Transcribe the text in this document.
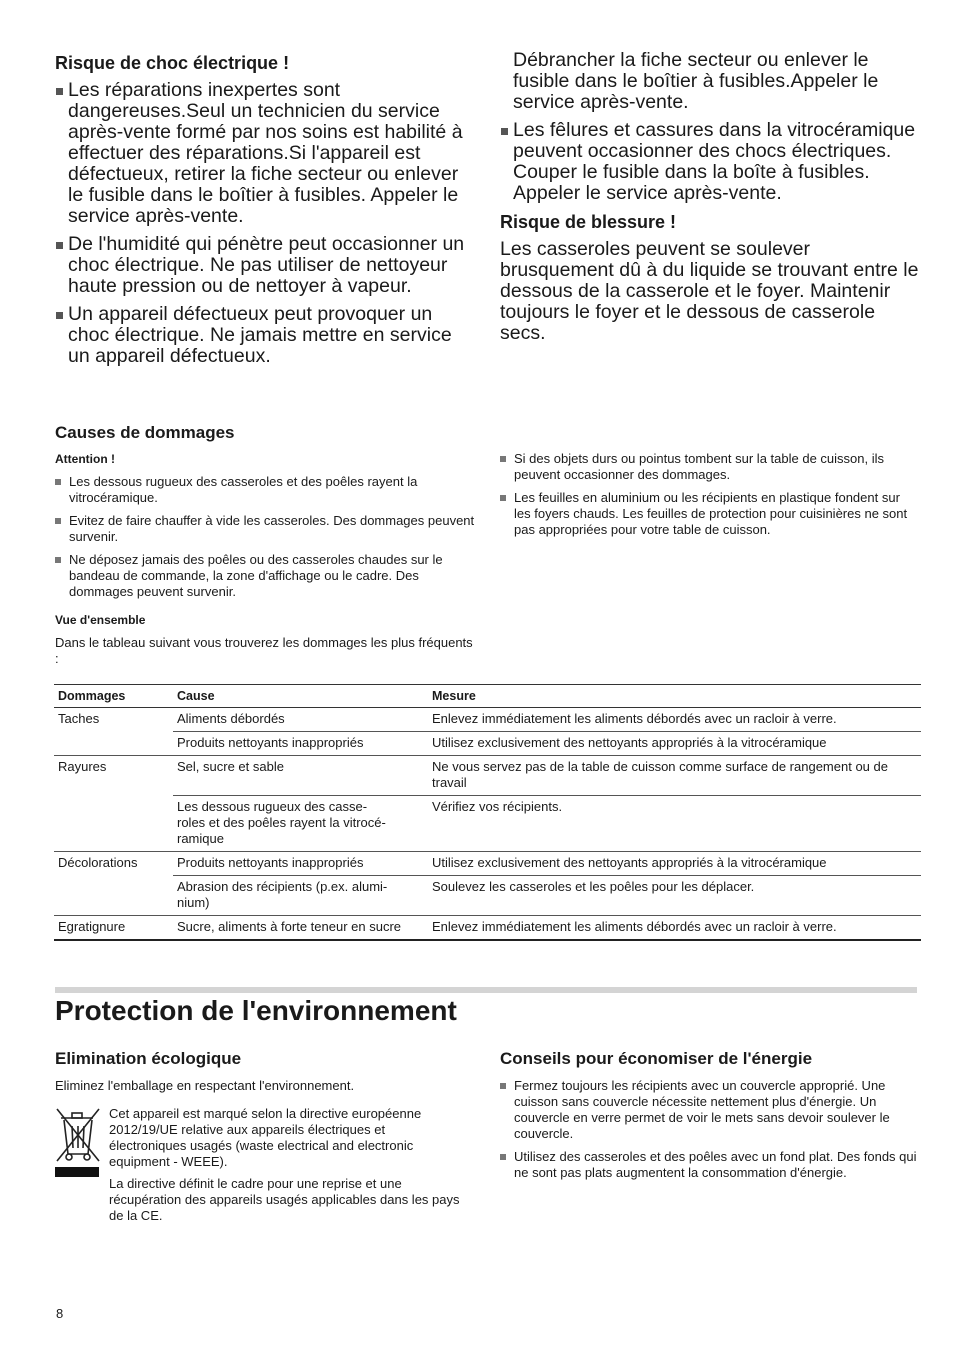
Risque de choc électrique !
Les réparations inexpertes sont dangereuses.Seul un technicien du service après-vente formé par nos soins est habilité à effectuer des réparations.Si l'appareil est défectueux, retirer la fiche secteur ou enlever le fusible dans le boîtier à fusibles. Appeler le service après-vente.
De l'humidité qui pénètre peut occasionner un choc électrique. Ne pas utiliser de nettoyeur haute pression ou de nettoyer à vapeur.
Un appareil défectueux peut provoquer un choc électrique. Ne jamais mettre en service un appareil défectueux.

Débrancher la fiche secteur ou enlever le fusible dans le boîtier à fusibles.Appeler le service après-vente.

Les fêlures et cassures dans la vitrocéramique peuvent occasionner des chocs électriques. Couper le fusible dans la boîte à fusibles. Appeler le service après-vente.
Risque de blessure !

Les casseroles peuvent se soulever brusquement dû à du liquide se trouvant entre le dessous de la casserole et le foyer. Maintenir toujours le foyer et le dessous de casserole secs.

Causes de dommages
Attention !
Les dessous rugueux des casseroles et des poêles rayent la vitrocéramique.
Evitez de faire chauffer à vide les casseroles. Des dommages peuvent survenir.
Ne déposez jamais des poêles ou des casseroles chaudes sur le bandeau de commande, la zone d'affichage ou le cadre. Des dommages peuvent survenir.
Si des objets durs ou pointus tombent sur la table de cuisson, ils peuvent occasionner des dommages.
Les feuilles en aluminium ou les récipients en plastique fondent sur les foyers chauds. Les feuilles de protection pour cuisinières ne sont pas appropriées pour votre table de cuisson.
Vue d'ensemble

Dans le tableau suivant vous trouverez les dommages les plus fréquents :

Dommages	Cause	Mesure
Taches	Aliments débordés	Enlevez immédiatement les aliments débordés avec un racloir à verre.
	Produits nettoyants inappropriés	Utilisez exclusivement des nettoyants appropriés à la vitrocéramique
Rayures	Sel, sucre et sable	Ne vous servez pas de la table de cuisson comme surface de rangement ou de travail
	Les dessous rugueux des casse-
roles et des poêles rayent la vitrocé-
ramique	Vérifiez vos récipients.
Décolorations	Produits nettoyants inappropriés	Utilisez exclusivement des nettoyants appropriés à la vitrocéramique
	Abrasion des récipients (p.ex. alumi-
nium)	Soulevez les casseroles et les poêles pour les déplacer.
Egratignure	Sucre, aliments à forte teneur en sucre	Enlevez immédiatement les aliments débordés avec un racloir à verre.
Protection de l'environnement
Elimination écologique

Eliminez l'emballage en respectant l'environnement.

Cet appareil est marqué selon la directive européenne 2012/19/UE relative aux appareils électriques et électroniques usagés (waste electrical and electronic equipment - WEEE).

La directive définit le cadre pour une reprise et une récupération des appareils usagés applicables dans les pays de la CE.

Conseils pour économiser de l'énergie
Fermez toujours les récipients avec un couvercle approprié. Une cuisson sans couvercle nécessite nettement plus d'énergie. Un couvercle en verre permet de voir le mets sans devoir soulever le couvercle.
Utilisez des casseroles et des poêles avec un fond plat. Des fonds qui ne sont pas plats augmentent la consommation d'énergie.
8
